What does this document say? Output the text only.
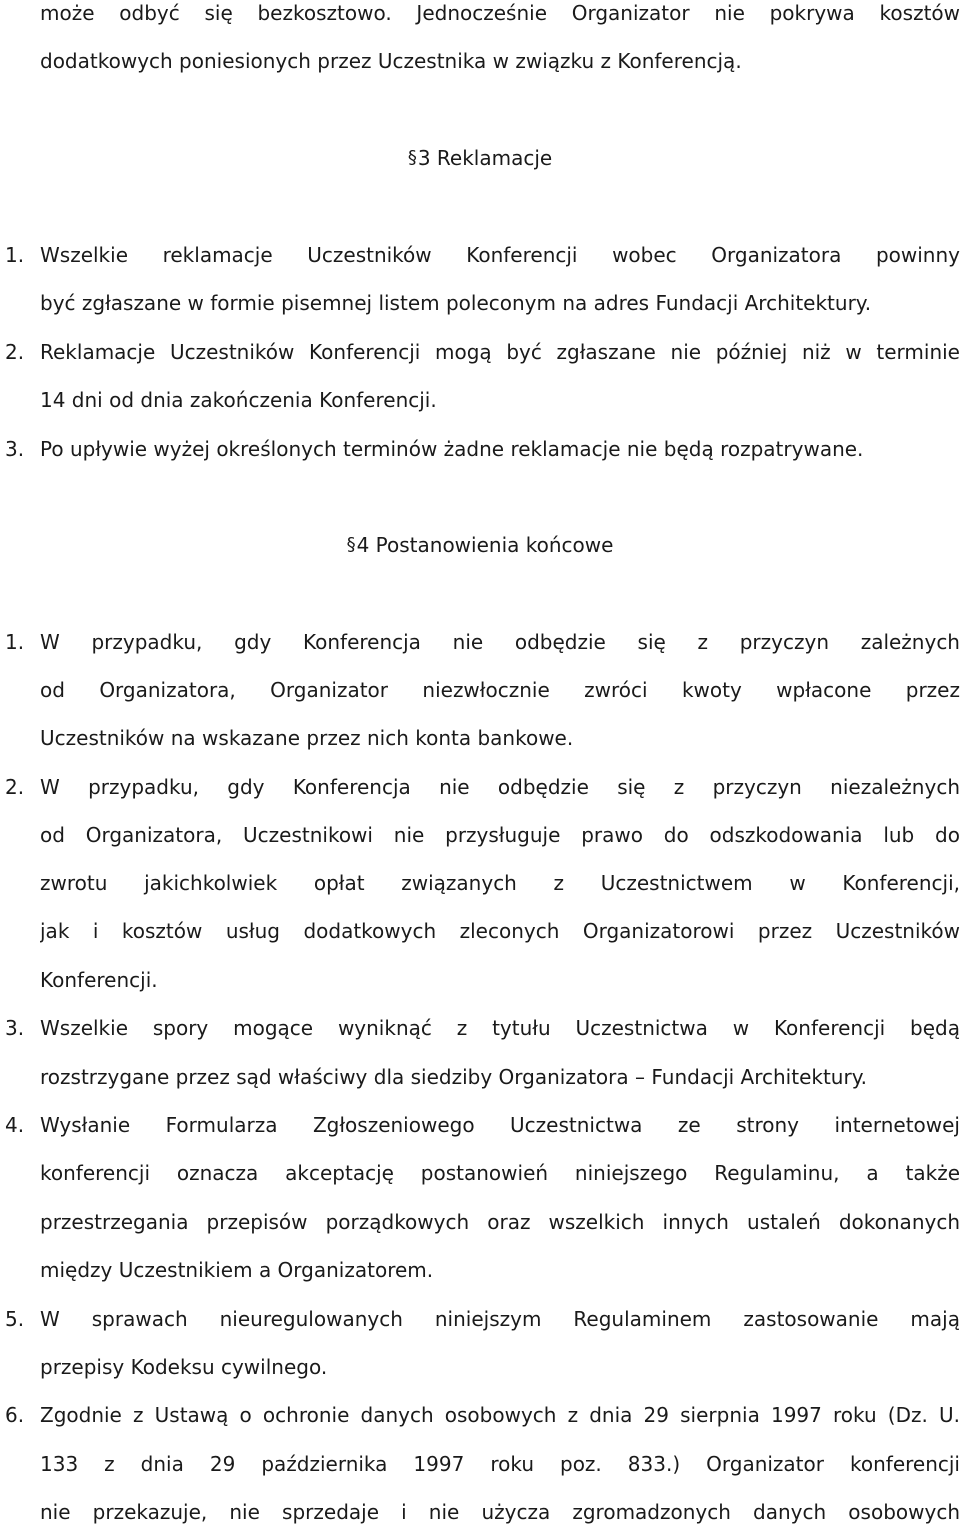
może odbyć się bezkosztowo. Jednocześnie Organizator nie pokrywa kosztów
dodatkowych poniesionych przez Uczestnika w związku z Konferencją.
§3 Reklamacje
1. Wszelkie reklamacje Uczestników Konferencji wobec Organizatora powinny
być zgłaszane w formie pisemnej listem poleconym na adres Fundacji Architektury.
2. Reklamacje Uczestników Konferencji mogą być zgłaszane nie później niż w terminie
14 dni od dnia zakończenia Konferencji.
3. Po upływie wyżej określonych terminów żadne reklamacje nie będą rozpatrywane.
§4 Postanowienia końcowe
1. W przypadku, gdy Konferencja nie odbędzie się z przyczyn zależnych
od Organizatora, Organizator niezwłocznie zwróci kwoty wpłacone przez
Uczestników na wskazane przez nich konta bankowe.
2. W przypadku, gdy Konferencja nie odbędzie się z przyczyn niezależnych
od Organizatora, Uczestnikowi nie przysługuje prawo do odszkodowania lub do
zwrotu jakichkolwiek opłat związanych z Uczestnictwem w Konferencji,
jak i kosztów usług dodatkowych zleconych Organizatorowi przez Uczestników
Konferencji.
3. Wszelkie spory mogące wyniknąć z tytułu Uczestnictwa w Konferencji będą
rozstrzygane przez sąd właściwy dla siedziby Organizatora – Fundacji Architektury.
4. Wysłanie Formularza Zgłoszeniowego Uczestnictwa ze strony internetowej
konferencji oznacza akceptację postanowień niniejszego Regulaminu, a także
przestrzegania przepisów porządkowych oraz wszelkich innych ustaleń dokonanych
między Uczestnikiem a Organizatorem.
5. W sprawach nieuregulowanych niniejszym Regulaminem zastosowanie mają
przepisy Kodeksu cywilnego.
6. Zgodnie z Ustawą o ochronie danych osobowych z dnia 29 sierpnia 1997 roku (Dz. U.
133 z dnia 29 października 1997 roku poz. 833.) Organizator konferencji
nie przekazuje, nie sprzedaje i nie użycza zgromadzonych danych osobowych
